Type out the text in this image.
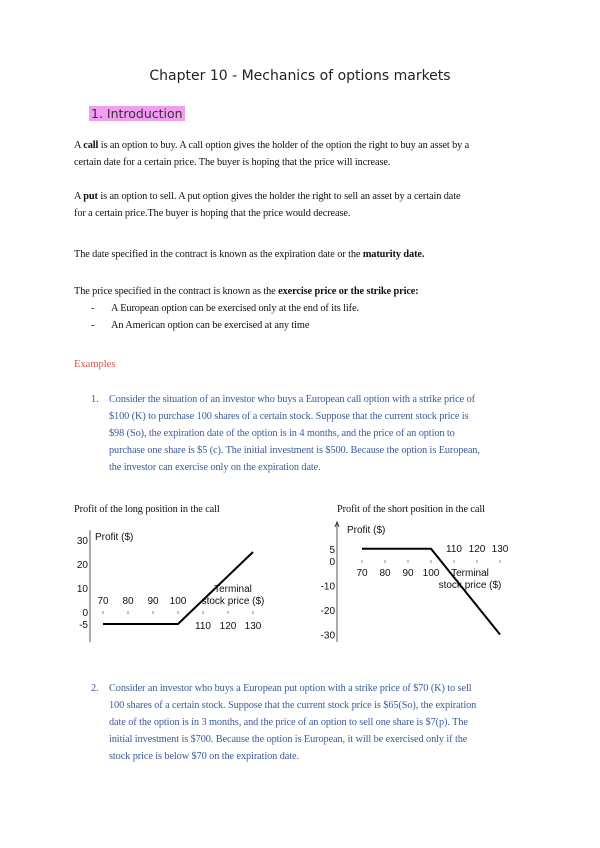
Chapter 10 - Mechanics of options markets
1. Introduction
A call is an option to buy. A call option gives the holder of the option the right to buy an asset by a
certain date for a certain price. The buyer is hoping that the price will increase.
A put is an option to sell. A put option gives the holder the right to sell an asset by a certain date
for a certain price.The buyer is hoping that the price would decrease.
The date specified in the contract is known as the expiration date or the maturity date.
The price specified in the contract is known as the exercise price or the strike price:
- A European option can be exercised only at the end of its life.
- An American option can be exercised at any time
Examples
1. Consider the situation of an investor who buys a European call option with a strike price of
$100 (K) to purchase 100 shares of a certain stock. Suppose that the current stock price is
$98 (So), the expiration date of the option is in 4 months, and the price of an option to
purchase one share is $5 (c). The initial investment is $500. Because the option is European,
the investor can exercise only on the expiration date.
2. Consider an investor who buys a European put option with a strike price of $70 (K) to sell
100 shares of a certain stock. Suppose that the current stock price is $65(So), the expiration
date of the option is in 3 months, and the price of an option to sell one share is $7(p). The
initial investment is $700. Because the option is European, it will be exercised only if the
stock price is below $70 on the expiration date.
Profit of the long position in the call	Profit of the short position in the call
30
20
10
0
-5
70 80 90 100
110 120 130
Profit ($)
Terminal stock price ($)
5
0
-10
-20
-30
110 120 130
70 80 90 100
Profit ($)
Terminal stock price ($)
